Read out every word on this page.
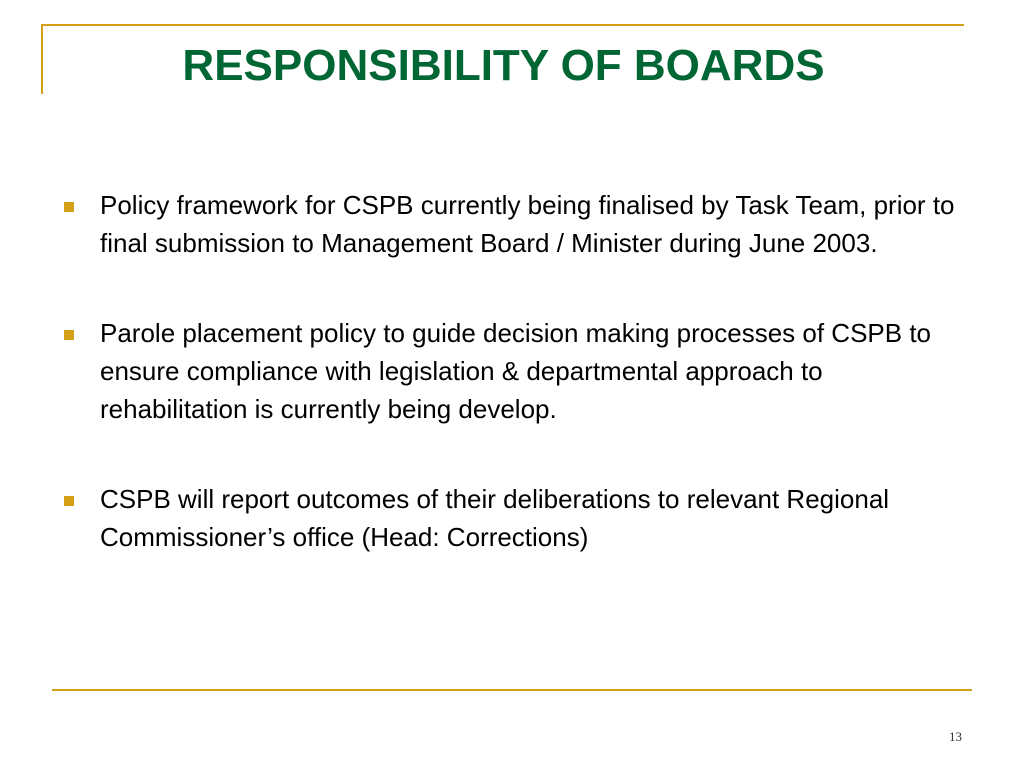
RESPONSIBILITY OF BOARDS
Policy framework for CSPB currently being finalised by Task Team, prior to final submission to Management Board / Minister during June 2003.
Parole placement policy to guide decision making processes of CSPB to ensure compliance with legislation & departmental approach to rehabilitation is currently being develop.
CSPB will report outcomes of their deliberations to relevant Regional Commissioner’s office (Head: Corrections)
13
